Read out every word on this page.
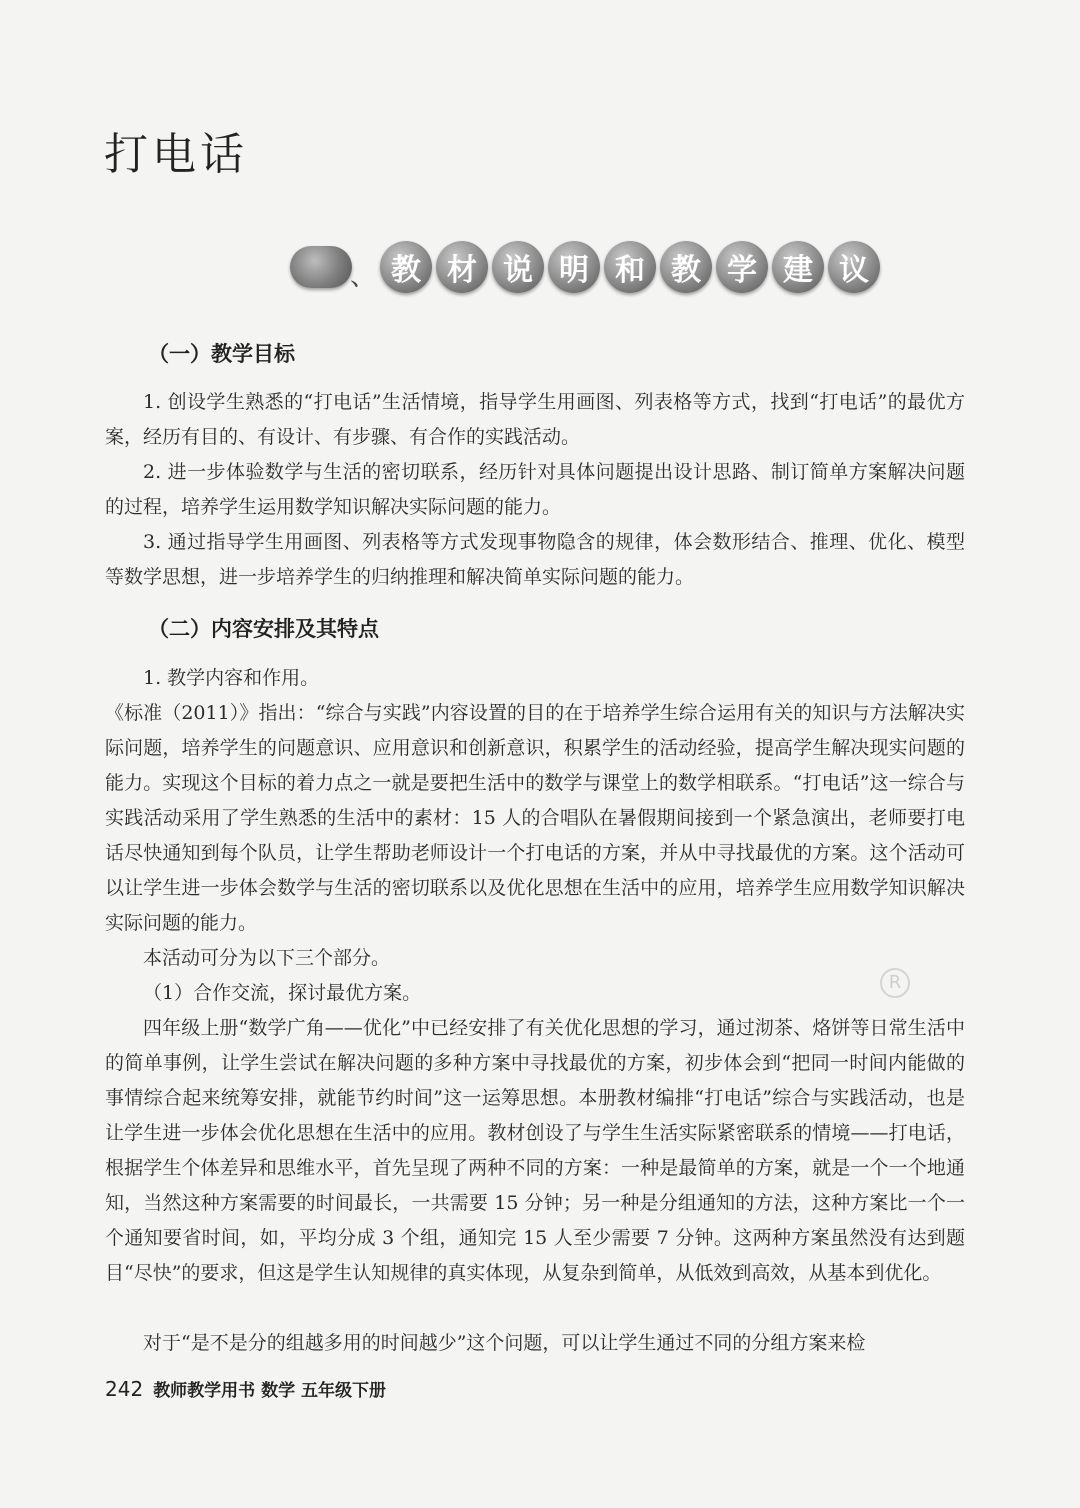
打电话
、 教 材 说 明 和 教 学 建 议
（一）教学目标
1. 创设学生熟悉的“打电话”生活情境，指导学生用画图、列表格等方式，找到“打电话”的最优方案，经历有目的、有设计、有步骤、有合作的实践活动。
2. 进一步体验数学与生活的密切联系，经历针对具体问题提出设计思路、制订简单方案解决问题的过程，培养学生运用数学知识解决实际问题的能力。
3. 通过指导学生用画图、列表格等方式发现事物隐含的规律，体会数形结合、推理、优化、模型等数学思想，进一步培养学生的归纳推理和解决简单实际问题的能力。
（二）内容安排及其特点
1. 教学内容和作用。
《标准（2011）》指出：“综合与实践”内容设置的目的在于培养学生综合运用有关的知识与方法解决实际问题，培养学生的问题意识、应用意识和创新意识，积累学生的活动经验，提高学生解决现实问题的能力。实现这个目标的着力点之一就是要把生活中的数学与课堂上的数学相联系。“打电话”这一综合与实践活动采用了学生熟悉的生活中的素材：15 人的合唱队在暑假期间接到一个紧急演出，老师要打电话尽快通知到每个队员，让学生帮助老师设计一个打电话的方案，并从中寻找最优的方案。这个活动可以让学生进一步体会数学与生活的密切联系以及优化思想在生活中的应用，培养学生应用数学知识解决实际问题的能力。
本活动可分为以下三个部分。
（1）合作交流，探讨最优方案。
四年级上册“数学广角——优化”中已经安排了有关优化思想的学习，通过沏茶、烙饼等日常生活中的简单事例，让学生尝试在解决问题的多种方案中寻找最优的方案，初步体会到“把同一时间内能做的事情综合起来统筹安排，就能节约时间”这一运筹思想。本册教材编排“打电话”综合与实践活动，也是让学生进一步体会优化思想在生活中的应用。教材创设了与学生生活实际紧密联系的情境——打电话，根据学生个体差异和思维水平，首先呈现了两种不同的方案：一种是最简单的方案，就是一个一个地通知，当然这种方案需要的时间最长，一共需要 15 分钟；另一种是分组通知的方法，这种方案比一个一个通知要省时间，如，平均分成 3 个组，通知完 15 人至少需要 7 分钟。这两种方案虽然没有达到题目“尽快”的要求，但这是学生认知规律的真实体现，从复杂到简单，从低效到高效，从基本到优化。
对于“是不是分的组越多用的时间越少”这个问题，可以让学生通过不同的分组方案来检
R
242 教师教学用书 数学 五年级下册
